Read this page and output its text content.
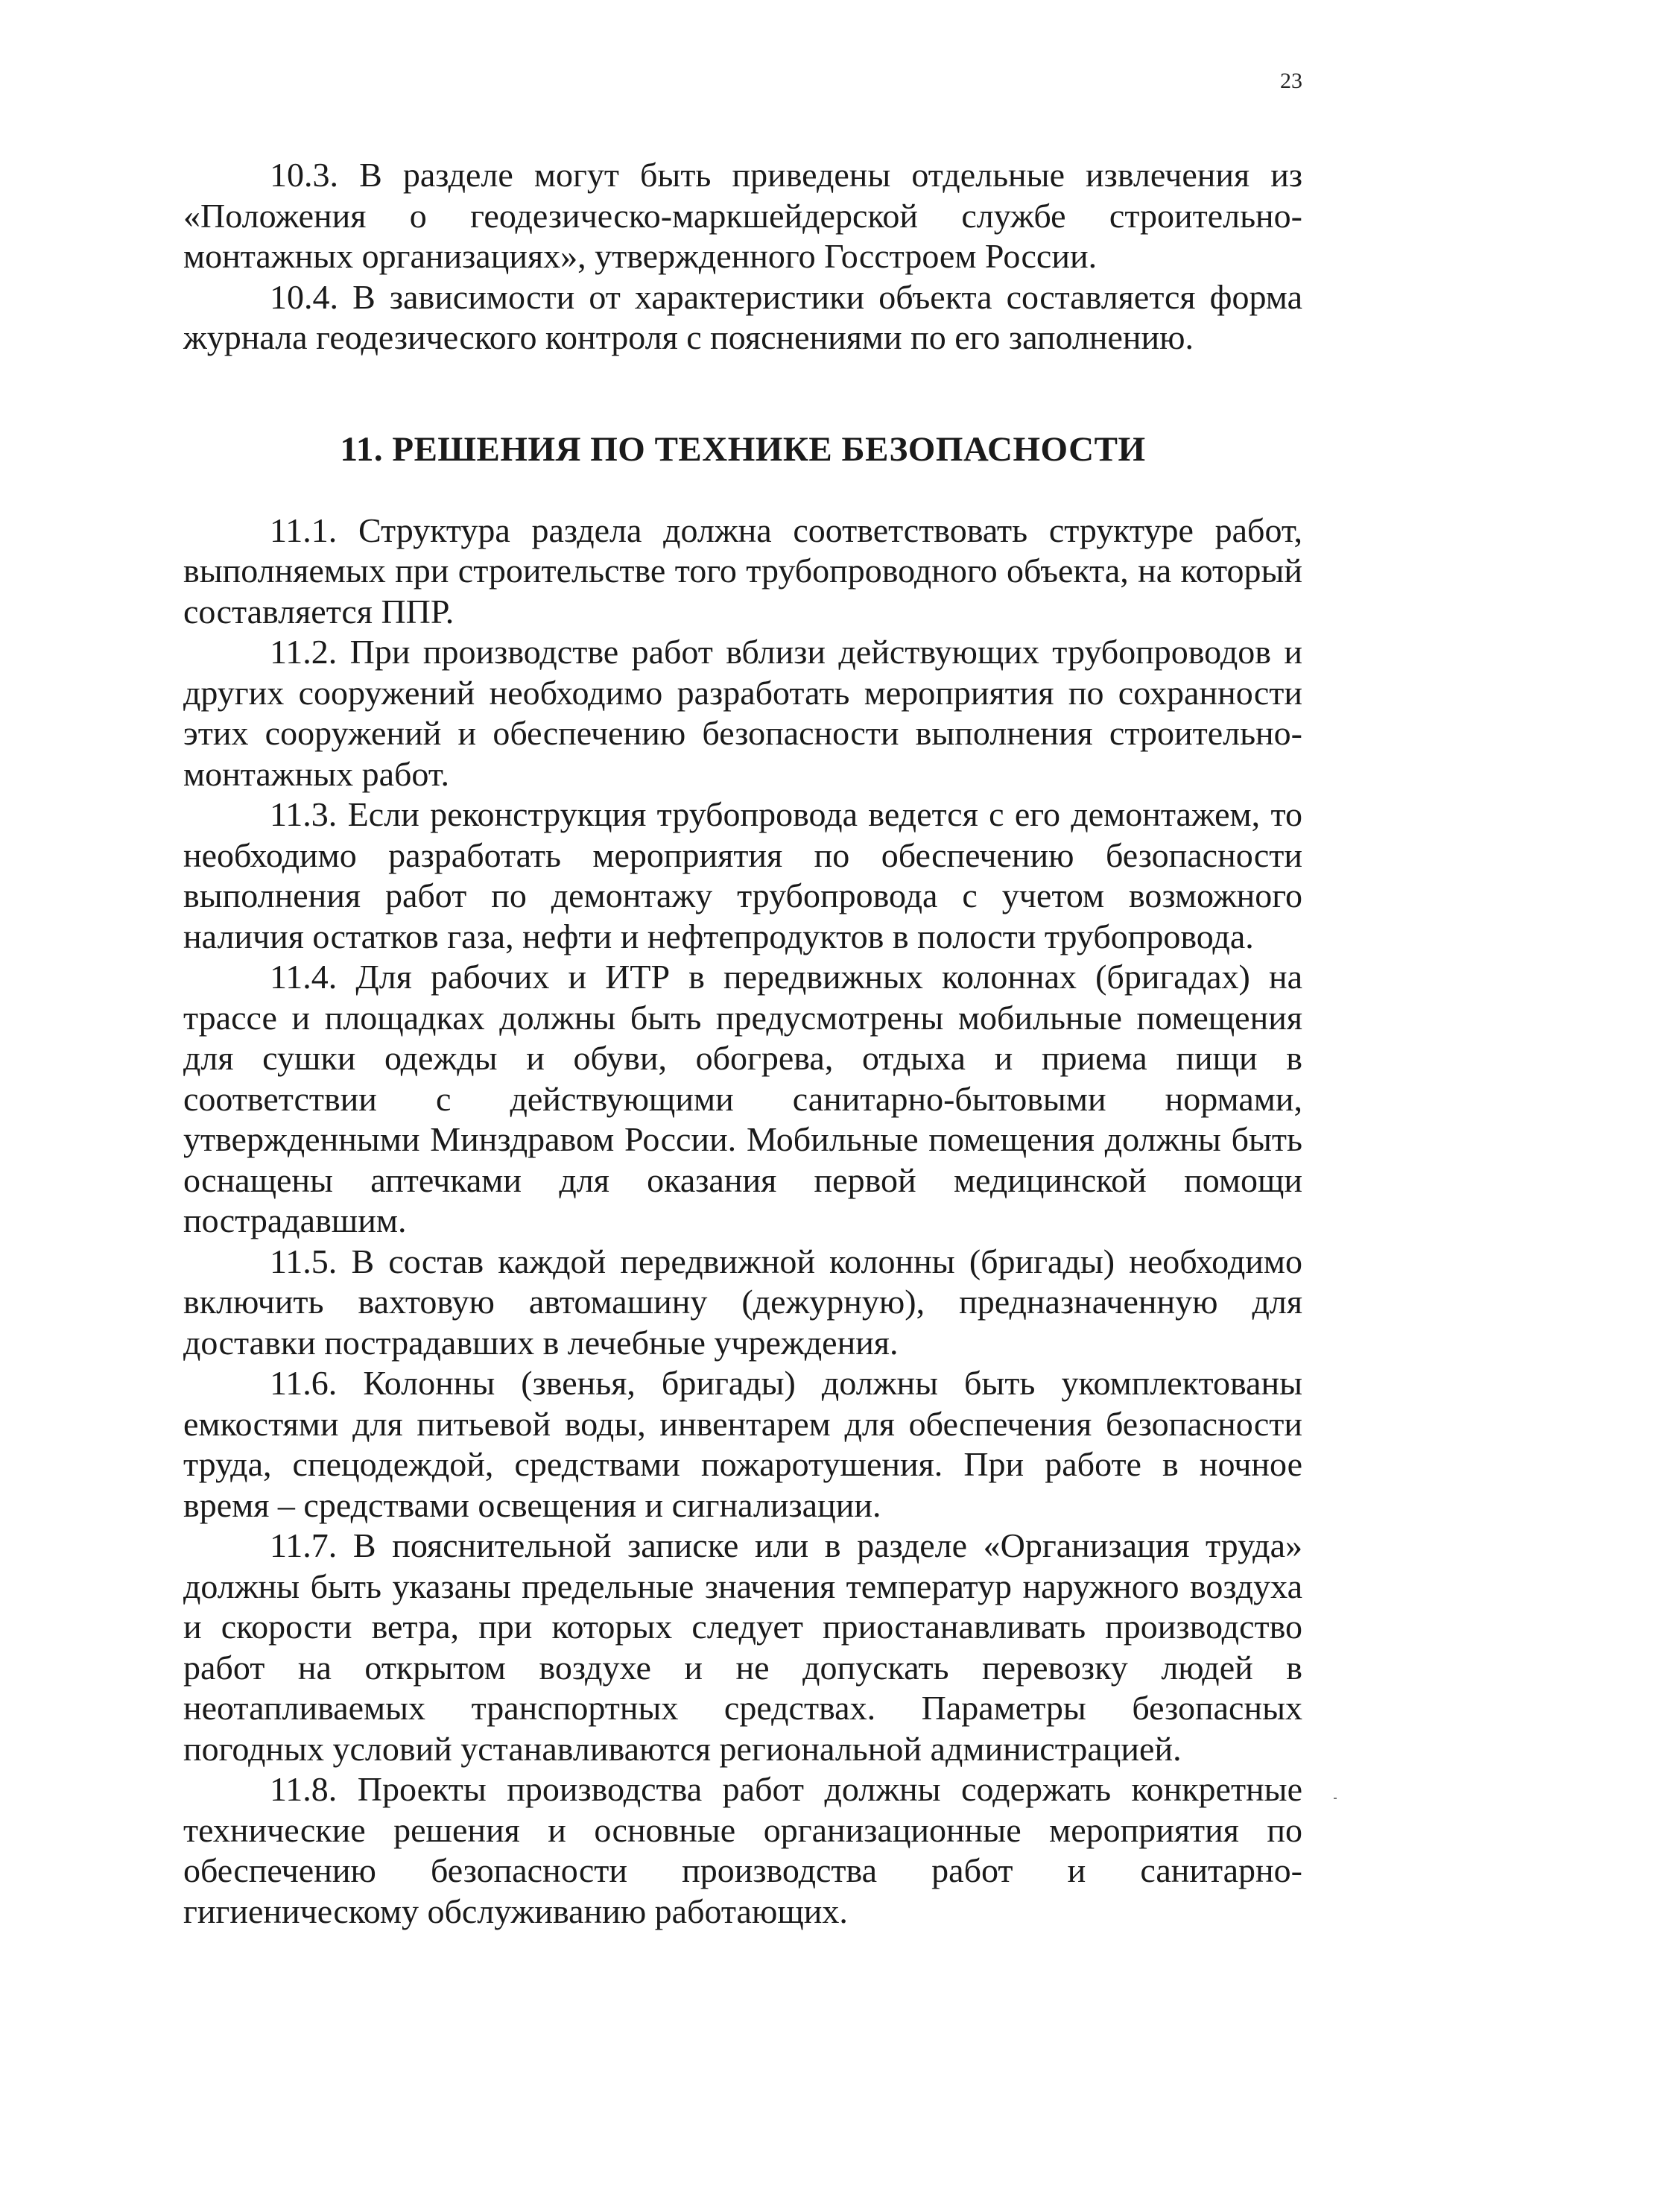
23

10.3. В разделе могут быть приведены отдельные извлечения из «Положения о геодезическо-маркшейдерской службе строительно-монтажных организациях», утвержденного Госстроем России.

10.4. В зависимости от характеристики объекта составляется форма журнала геодезического контроля с пояснениями по его заполнению.

11. РЕШЕНИЯ ПО ТЕХНИКЕ БЕЗОПАСНОСТИ

11.1. Структура раздела должна соответствовать структуре работ, выполняемых при строительстве того трубопроводного объекта, на который составляется ППР.

11.2. При производстве работ вблизи действующих трубопроводов и других сооружений необходимо разработать мероприятия по сохранности этих сооружений и обеспечению безопасности выполнения строительно-монтажных работ.

11.3. Если реконструкция трубопровода ведется с его демонтажем, то необходимо разработать мероприятия по обеспечению безопасности выполнения работ по демонтажу трубопровода с учетом возможного наличия остатков газа, нефти и нефтепродуктов в полости трубопровода.

11.4. Для рабочих и ИТР в передвижных колоннах (бригадах) на трассе и площадках должны быть предусмотрены мобильные помещения для сушки одежды и обуви, обогрева, отдыха и приема пищи в соответствии с действующими санитарно-бытовыми нормами, утвержденными Минздравом России. Мобильные помещения должны быть оснащены аптечками для оказания первой медицинской помощи пострадавшим.

11.5. В состав каждой передвижной колонны (бригады) необходимо включить вахтовую автомашину (дежурную), предназначенную для доставки пострадавших в лечебные учреждения.

11.6. Колонны (звенья, бригады) должны быть укомплектованы емкостями для питьевой воды, инвентарем для обеспечения безопасности труда, спецодеждой, средствами пожаротушения. При работе в ночное время – средствами освещения и сигнализации.

11.7. В пояснительной записке или в разделе «Организация труда» должны быть указаны предельные значения температур наружного воздуха и скорости ветра, при которых следует приостанавливать производство работ на открытом воздухе и не допускать перевозку людей в неотапливаемых транспортных средствах. Параметры безопасных погодных условий устанавливаются региональной администрацией.

11.8. Проекты производства работ должны содержать конкретные технические решения и основные организационные мероприятия по обеспечению безопасности производства работ и санитарно-гигиеническому обслуживанию работающих.
